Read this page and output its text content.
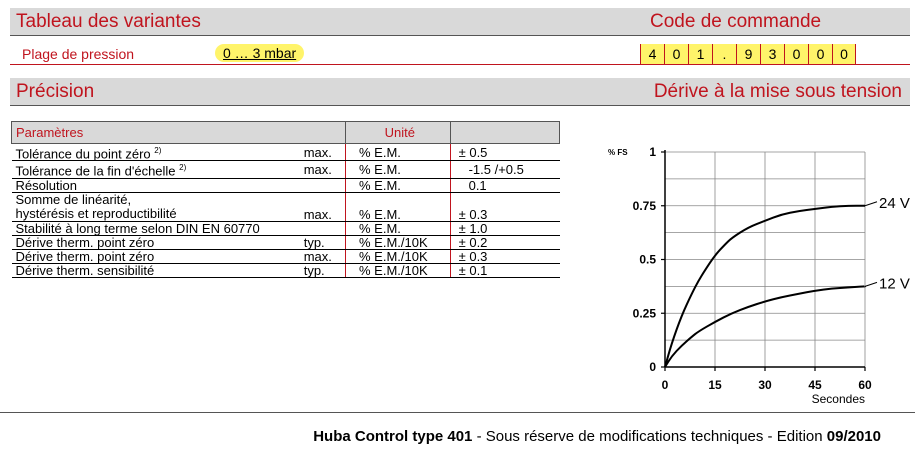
Tableau des variantes	Code de commande
Plage de pression	0 … 3 mbar	4	0	1	.	9	3	0	0	0
Précision	Dérive à la mise sous tension
Paramètres		Unité	
Tolérance du point zéro $^{2)}$	max.	% E.M.	± 0.5
Tolérance de la fin d'échelle $^{2)}$	max.	% E.M.	-1.5 /+0.5
Résolution		% E.M.	0.1

Somme de linéarité,
hystérésis et reproductibilité	max.	% E.M.	± 0.3
Stabilité à long terme selon DIN EN 60770		% E.M.	± 1.0
Dérive therm. point zéro	typ.	% E.M./10K	± 0.2
Dérive therm. point zéro	max.	% E.M./10K	± 0.3
Dérive therm. sensibilité	typ.	% E.M./10K	± 0.1
0
0.25
0.5
0.75
1
0	15	30	45	60
% FS
Secondes
24 V
12 V
Huba Control type 401 - Sous réserve de modifications techniques - Edition 09/2010
